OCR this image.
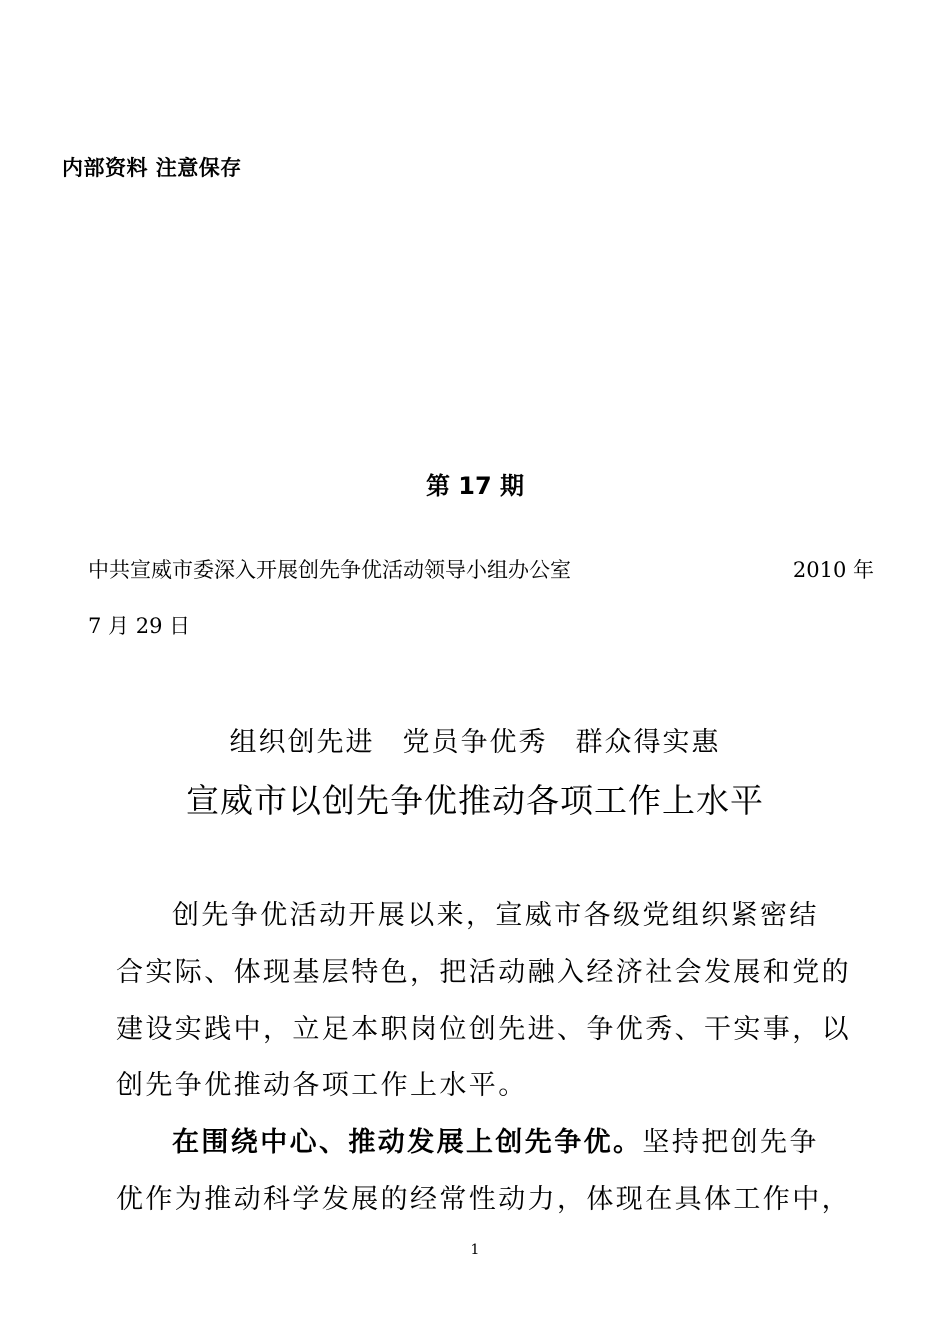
内部资料 注意保存
第 17 期
中共宣威市委深入开展创先争优活动领导小组办公室	2010 年
7 月 29 日
组织创先进 党员争优秀 群众得实惠
宣威市以创先争优推动各项工作上水平
创先争优活动开展以来，宣威市各级党组织紧密结
合实际、体现基层特色，把活动融入经济社会发展和党的
建设实践中，立足本职岗位创先进、争优秀、干实事，以
创先争优推动各项工作上水平。
在围绕中心、推动发展上创先争优。坚持把创先争
优作为推动科学发展的经常性动力，体现在具体工作中，
1
